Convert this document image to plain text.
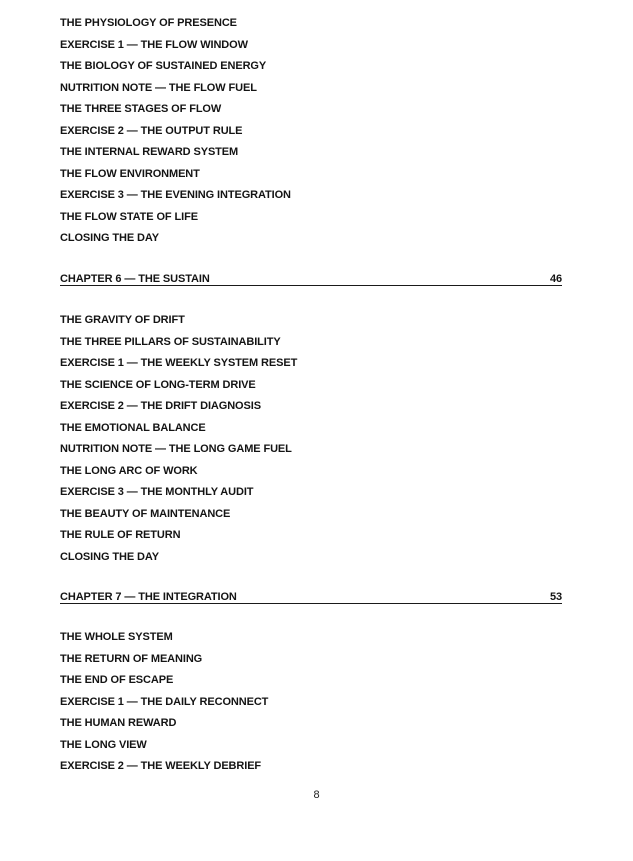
THE PHYSIOLOGY OF PRESENCE
EXERCISE 1 — THE FLOW WINDOW
THE BIOLOGY OF SUSTAINED ENERGY
NUTRITION NOTE — THE FLOW FUEL
THE THREE STAGES OF FLOW
EXERCISE 2 — THE OUTPUT RULE
THE INTERNAL REWARD SYSTEM
THE FLOW ENVIRONMENT
EXERCISE 3 — THE EVENING INTEGRATION
THE FLOW STATE OF LIFE
CLOSING THE DAY
CHAPTER 6 — THE SUSTAIN	46
THE GRAVITY OF DRIFT
THE THREE PILLARS OF SUSTAINABILITY
EXERCISE 1 — THE WEEKLY SYSTEM RESET
THE SCIENCE OF LONG-TERM DRIVE
EXERCISE 2 — THE DRIFT DIAGNOSIS
THE EMOTIONAL BALANCE
NUTRITION NOTE — THE LONG GAME FUEL
THE LONG ARC OF WORK
EXERCISE 3 — THE MONTHLY AUDIT
THE BEAUTY OF MAINTENANCE
THE RULE OF RETURN
CLOSING THE DAY
CHAPTER 7 — THE INTEGRATION	53
THE WHOLE SYSTEM
THE RETURN OF MEANING
THE END OF ESCAPE
EXERCISE 1 — THE DAILY RECONNECT
THE HUMAN REWARD
THE LONG VIEW
EXERCISE 2 — THE WEEKLY DEBRIEF
8
